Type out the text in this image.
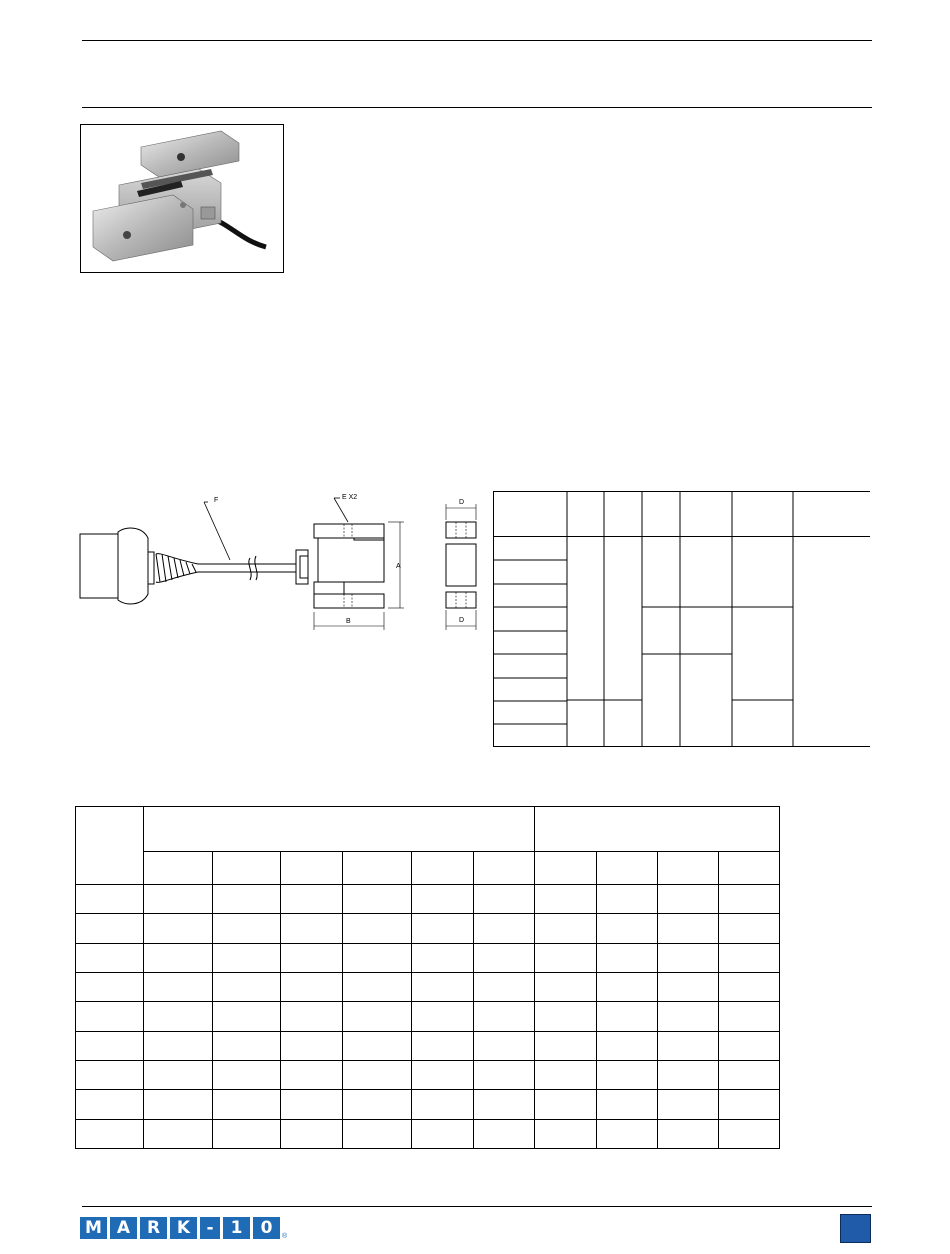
F	E X2
A
B
D
D

M A R K -	1	0	®
